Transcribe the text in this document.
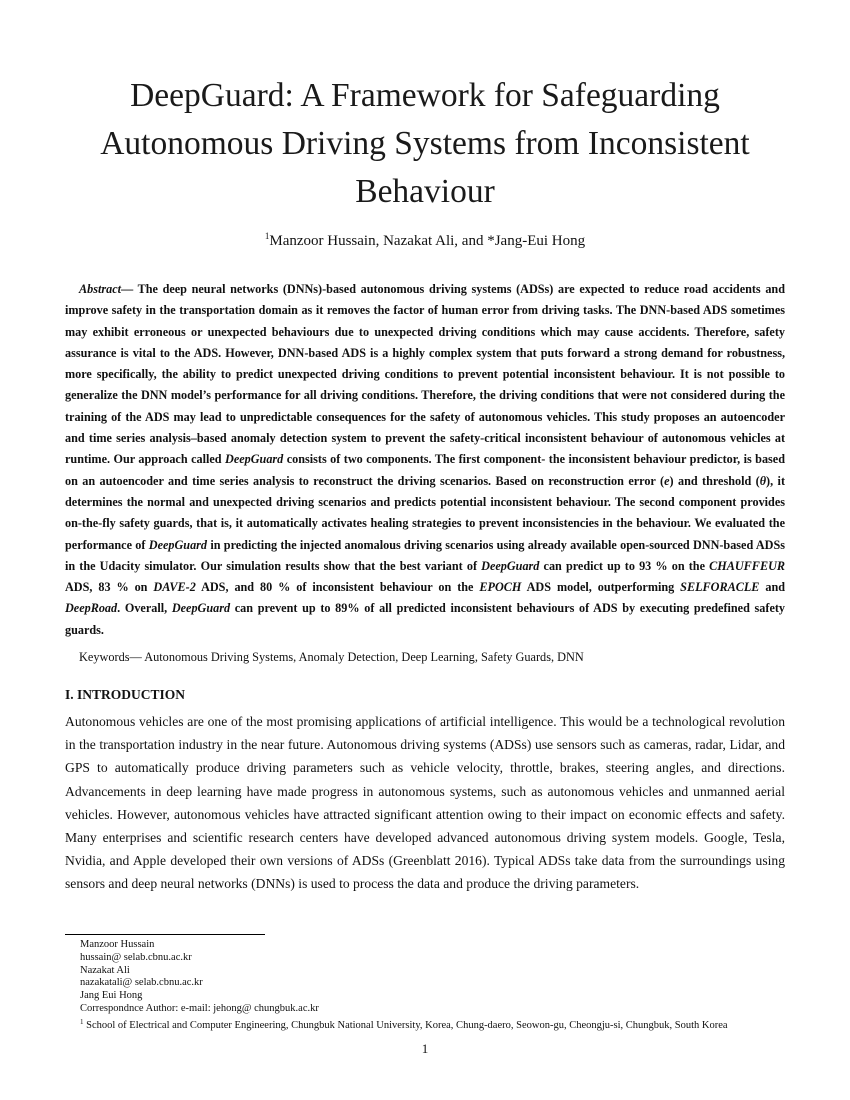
DeepGuard: A Framework for Safeguarding
Autonomous Driving Systems from Inconsistent
Behaviour
$^1$Manzoor Hussain, Nazakat Ali, and *Jang-Eui Hong
Abstract— The deep neural networks (DNNs)-based autonomous driving systems (ADSs) are expected to reduce road accidents and improve safety in the transportation domain as it removes the factor of human error from driving tasks. The DNN-based ADS sometimes may exhibit erroneous or unexpected behaviours due to unexpected driving conditions which may cause accidents. Therefore, safety assurance is vital to the ADS. However, DNN-based ADS is a highly complex system that puts forward a strong demand for robustness, more specifically, the ability to predict unexpected driving conditions to prevent potential inconsistent behaviour. It is not possible to generalize the DNN model’s performance for all driving conditions. Therefore, the driving conditions that were not considered during the training of the ADS may lead to unpredictable consequences for the safety of autonomous vehicles. This study proposes an autoencoder and time series analysis–based anomaly detection system to prevent the safety-critical inconsistent behaviour of autonomous vehicles at runtime. Our approach called DeepGuard consists of two components. The first component- the inconsistent behaviour predictor, is based on an autoencoder and time series analysis to reconstruct the driving scenarios. Based on reconstruction error (e) and threshold (θ), it determines the normal and unexpected driving scenarios and predicts potential inconsistent behaviour. The second component provides on-the-fly safety guards, that is, it automatically activates healing strategies to prevent inconsistencies in the behaviour. We evaluated the performance of DeepGuard in predicting the injected anomalous driving scenarios using already available open-sourced DNN-based ADSs in the Udacity simulator. Our simulation results show that the best variant of DeepGuard can predict up to 93 % on the CHAUFFEUR ADS, 83 % on DAVE-2 ADS, and 80 % of inconsistent behaviour on the EPOCH ADS model, outperforming SELFORACLE and DeepRoad. Overall, DeepGuard can prevent up to 89% of all predicted inconsistent behaviours of ADS by executing predefined safety guards.
Keywords— Autonomous Driving Systems, Anomaly Detection, Deep Learning, Safety Guards, DNN
I. INTRODUCTION
Autonomous vehicles are one of the most promising applications of artificial intelligence. This would be a technological revolution in the transportation industry in the near future. Autonomous driving systems (ADSs) use sensors such as cameras, radar, Lidar, and GPS to automatically produce driving parameters such as vehicle velocity, throttle, brakes, steering angles, and directions. Advancements in deep learning have made progress in autonomous systems, such as autonomous vehicles and unmanned aerial vehicles. However, autonomous vehicles have attracted significant attention owing to their impact on economic effects and safety. Many enterprises and scientific research centers have developed advanced autonomous driving system models. Google, Tesla, Nvidia, and Apple developed their own versions of ADSs (Greenblatt 2016). Typical ADSs take data from the surroundings using sensors and deep neural networks (DNNs) is used to process the data and produce the driving parameters.
Manzoor Hussain
hussain@ selab.cbnu.ac.kr
Nazakat Ali
nazakatali@ selab.cbnu.ac.kr
Jang Eui Hong
Correspondnce Author: e-mail: jehong@ chungbuk.ac.kr
$^1$ School of Electrical and Computer Engineering, Chungbuk National University, Korea, Chung-daero, Seowon-gu, Cheongju-si, Chungbuk, South Korea
1
